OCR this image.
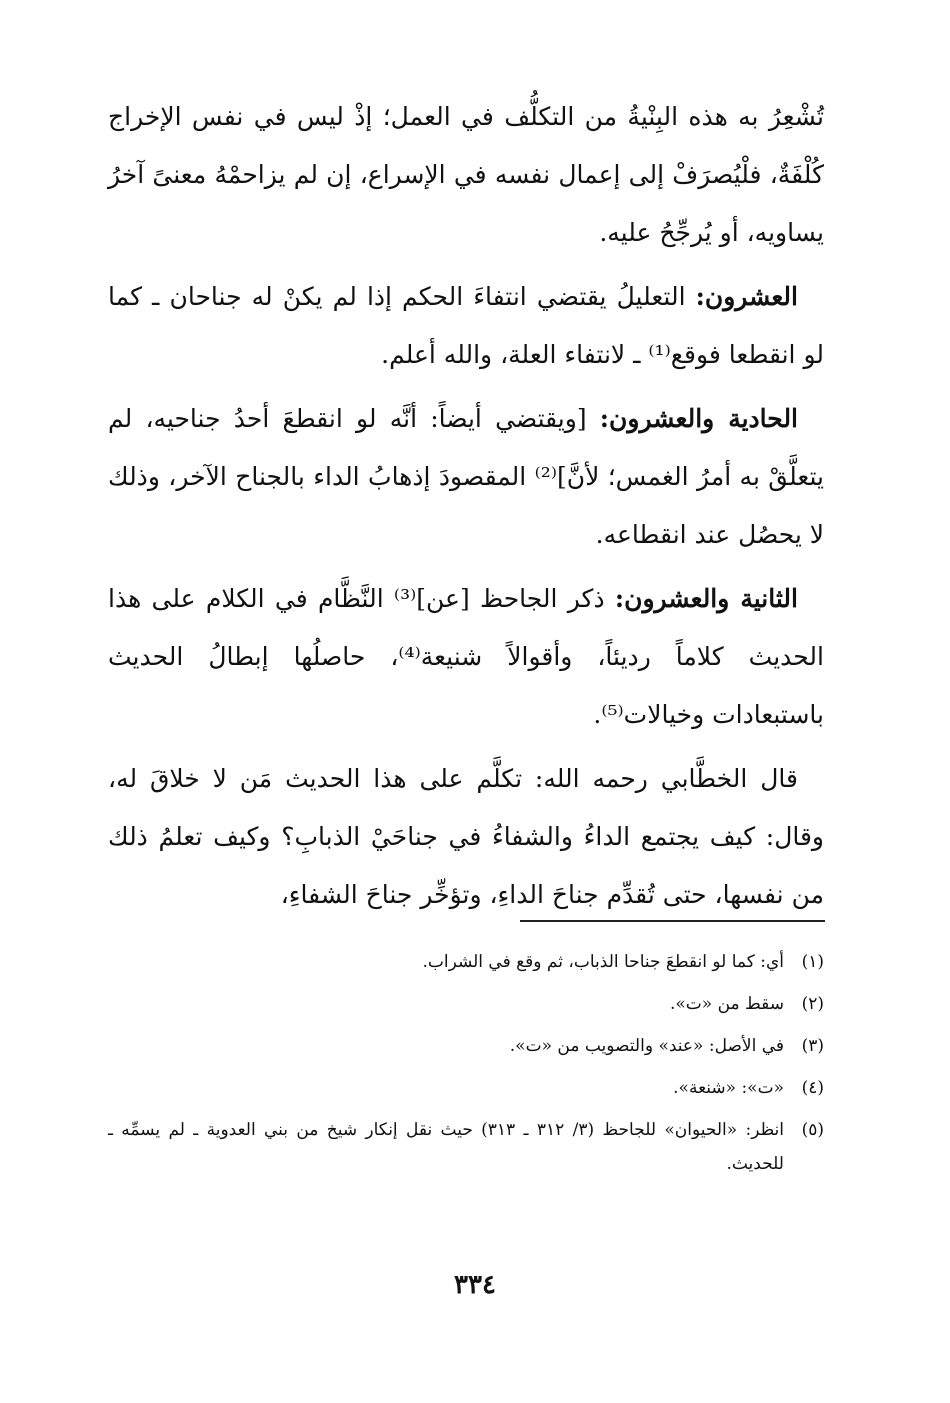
تُشْعِرُ به هذه البِنْيةُ من التكلُّف في العمل؛ إذْ ليس في نفس الإخراج كُلْفَةٌ، فلْيُصرَفْ إلى إعمال نفسه في الإسراع، إن لم يزاحمْهُ معنىً آخرُ يساويه، أو يُرجِّحُ عليه.

العشرون: التعليلُ يقتضي انتفاءَ الحكم إذا لم يكنْ له جناحان ـ كما لو انقطعا فوقع⁽¹⁾ ـ لانتفاء العلة، والله أعلم.

الحادية والعشرون: [ويقتضي أيضاً: أنَّه لو انقطعَ أحدُ جناحيه، لم يتعلَّقْ به أمرُ الغمس؛ لأنَّ]⁽²⁾ المقصودَ إذهابُ الداء بالجناح الآخر، وذلك لا يحصُل عند انقطاعه.

الثانية والعشرون: ذكر الجاحظ [عن]⁽³⁾ النَّظَّام في الكلام على هذا الحديث كلاماً رديئاً، وأقوالاً شنيعة⁽⁴⁾، حاصلُها إبطالُ الحديث باستبعادات وخيالات⁽⁵⁾.

قال الخطَّابي رحمه الله: تكلَّم على هذا الحديث مَن لا خلاقَ له، وقال: كيف يجتمع الداءُ والشفاءُ في جناحَيْ الذبابِ؟ وكيف تعلمُ ذلك من نفسها، حتى تُقدِّم جناحَ الداءِ، وتؤخِّر جناحَ الشفاءِ،

(١)
أي: كما لو انقطعَ جناحا الذباب، ثم وقع في الشراب.
(٢)
سقط من «ت».
(٣)
في الأصل: «عند» والتصويب من «ت».
(٤)
«ت»: «شنعة».
(٥)
انظر: «الحيوان» للجاحظ (٣/ ٣١٢ ـ ٣١٣) حيث نقل إنكار شيخ من بني العدوية ـ لم يسمِّه ـ للحديث.
٣٣٤
